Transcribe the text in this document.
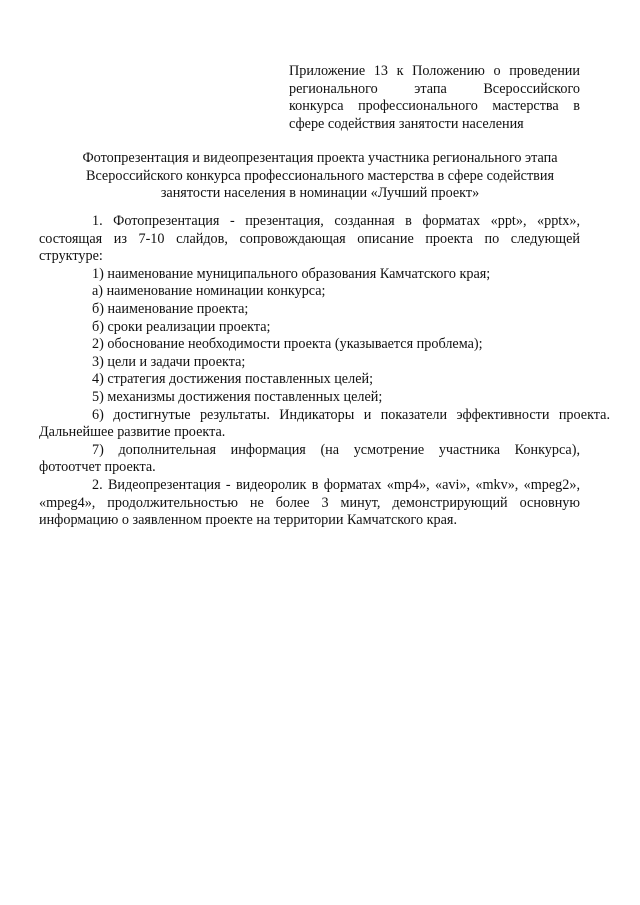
Приложение 13 к Положению о проведении
регионального этапа Всероссийского
конкурса профессионального мастерства в
сфере содействия занятости населения
Фотопрезентация и видеопрезентация проекта участника регионального этапа
Всероссийского конкурса профессионального мастерства в сфере содействия
занятости населения в номинации «Лучший проект»
1. Фотопрезентация - презентация, созданная в форматах «ppt», «pptx»,
состоящая из 7-10 слайдов, сопровождающая описание проекта по следующей
структуре:
1) наименование муниципального образования Камчатского края;
а) наименование номинации конкурса;
б) наименование проекта;
б) сроки реализации проекта;
2) обоснование необходимости проекта (указывается проблема);
3) цели и задачи проекта;
4) стратегия достижения поставленных целей;
5) механизмы достижения поставленных целей;
6) достигнутые результаты. Индикаторы и показатели эффективности проекта.
Дальнейшее развитие проекта.
7) дополнительная информация (на усмотрение участника Конкурса),
фотоотчет проекта.
2. Видеопрезентация - видеоролик в форматах «mp4», «avi», «mkv», «mpeg2»,
«mpeg4», продолжительностью не более 3 минут, демонстрирующий основную
информацию о заявленном проекте на территории Камчатского края.
